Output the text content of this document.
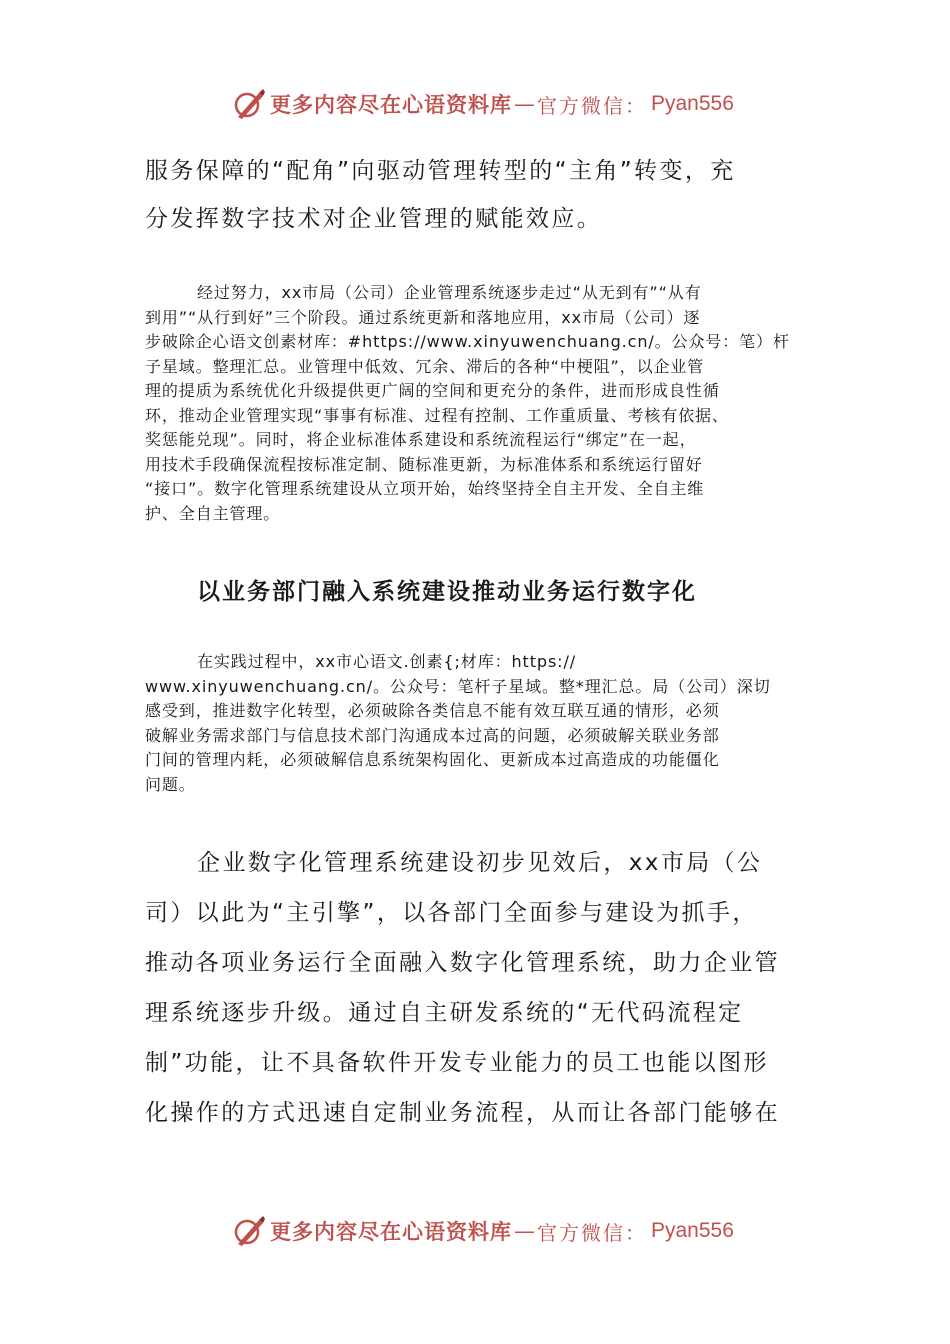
更多内容尽在心语资料库 — 官方微信： Pyan556
服务保障的“配角”向驱动管理转型的“主角”转变，充
分发挥数字技术对企业管理的赋能效应。
经过努力，xx市局（公司）企业管理系统逐步走过“从无到有”“从有
到用”“从行到好”三个阶段。通过系统更新和落地应用，xx市局（公司）逐
步破除企心语文创素材库：#https://www.xinyuwenchuang.cn/。公众号：笔）杆
子星域。整理汇总。业管理中低效、冗余、滞后的各种“中梗阻”，以企业管
理的提质为系统优化升级提供更广阔的空间和更充分的条件，进而形成良性循
环，推动企业管理实现“事事有标准、过程有控制、工作重质量、考核有依据、
奖惩能兑现”。同时，将企业标准体系建设和系统流程运行“绑定”在一起，
用技术手段确保流程按标准定制、随标准更新，为标准体系和系统运行留好
“接口”。数字化管理系统建设从立项开始，始终坚持全自主开发、全自主维
护、全自主管理。
以业务部门融入系统建设推动业务运行数字化
在实践过程中，xx市心语文.创素{;材库：https://
www.xinyuwenchuang.cn/。公众号：笔杆子星域。整*理汇总。局（公司）深切
感受到，推进数字化转型，必须破除各类信息不能有效互联互通的情形，必须
破解业务需求部门与信息技术部门沟通成本过高的问题，必须破解关联业务部
门间的管理内耗，必须破解信息系统架构固化、更新成本过高造成的功能僵化
问题。
企业数字化管理系统建设初步见效后，xx市局（公
司）以此为“主引擎”，以各部门全面参与建设为抓手，
推动各项业务运行全面融入数字化管理系统，助力企业管
理系统逐步升级。通过自主研发系统的“无代码流程定
制”功能，让不具备软件开发专业能力的员工也能以图形
化操作的方式迅速自定制业务流程，从而让各部门能够在
更多内容尽在心语资料库 — 官方微信： Pyan556
